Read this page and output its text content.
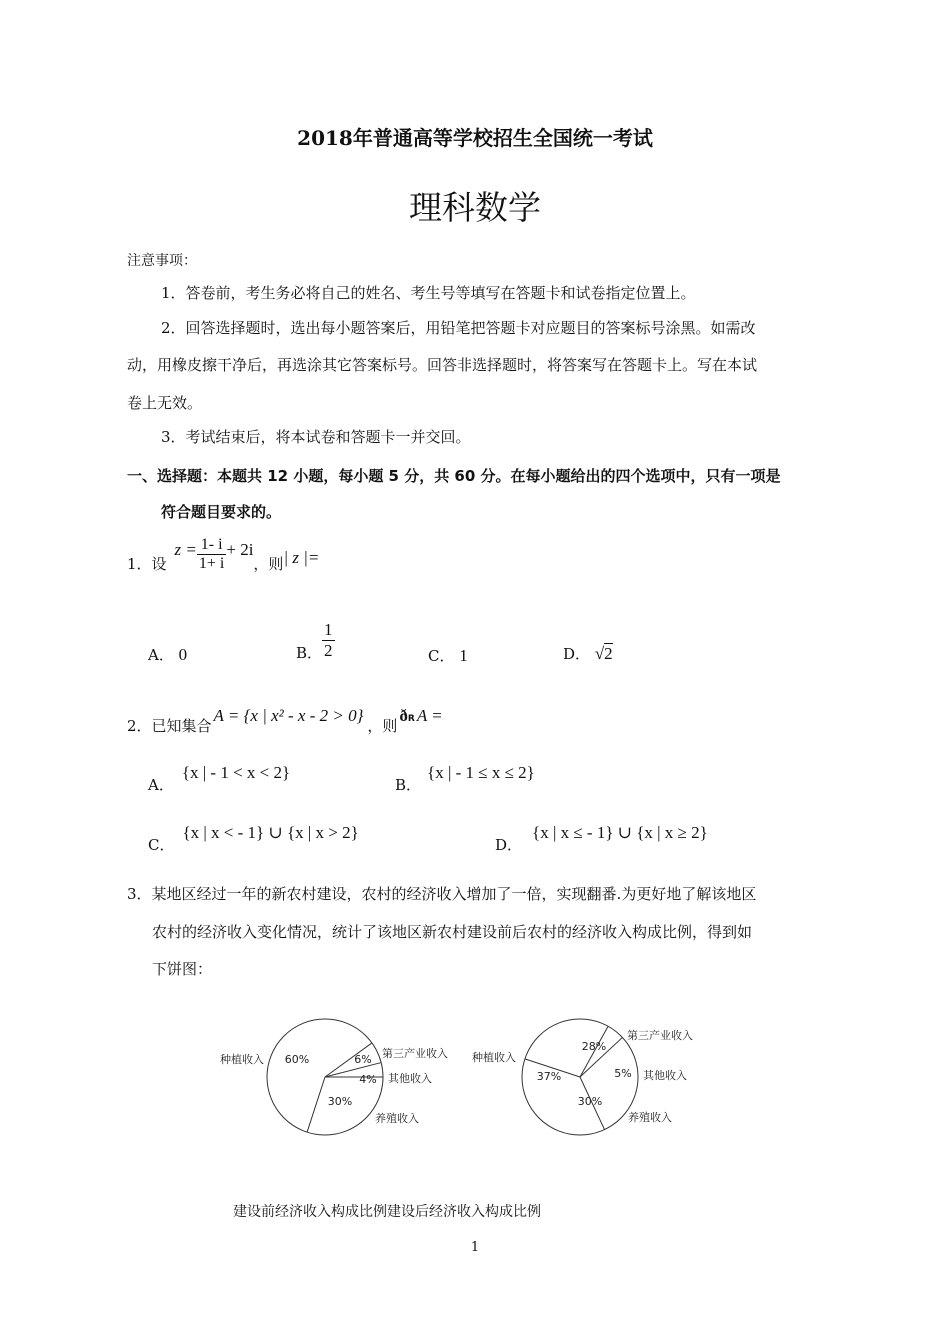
2018年普通高等学校招生全国统一考试
理科数学
注意事项：
1．答卷前，考生务必将自己的姓名、考生号等填写在答题卡和试卷指定位置上。
2．回答选择题时，选出每小题答案后，用铅笔把答题卡对应题目的答案标号涂黑。如需改
动，用橡皮擦干净后，再选涂其它答案标号。回答非选择题时，将答案写在答题卡上。写在本试
卷上无效。
3．考试结束后，将本试卷和答题卡一并交回。
一、选择题：本题共 12 小题，每小题 5 分，共 60 分。在每小题给出的四个选项中，只有一项是
符合题目要求的。
1．设
$z = \frac{1- i}{1+ i} + 2i$
，则 | z |=
A． 0	B． $\frac{1}{2}$	C． 1	D． √2
2．已知集合
A = {x | x² - x - 2 > 0}
，则
ð R A =
A．
{x | - 1 < x < 2}
B．
{x | - 1 ≤ x ≤ 2}
C．
{x | x < - 1} ∪ {x | x > 2}
D．
{x | x ≤ - 1} ∪ {x | x ≥ 2}
3．某地区经过一年的新农村建设，农村的经济收入增加了一倍，实现翻番.为更好地了解该地区
农村的经济收入变化情况，统计了该地区新农村建设前后农村的经济收入构成比例，得到如
下饼图：
种植收入 60%	第三产业收入
6%
其他收入
4%
养殖收入
30%
种植收入
37%
第三产业收入
28%
其他收入
5%
养殖收入
30%
建设前经济收入构成比例建设后经济收入构成比例
1
